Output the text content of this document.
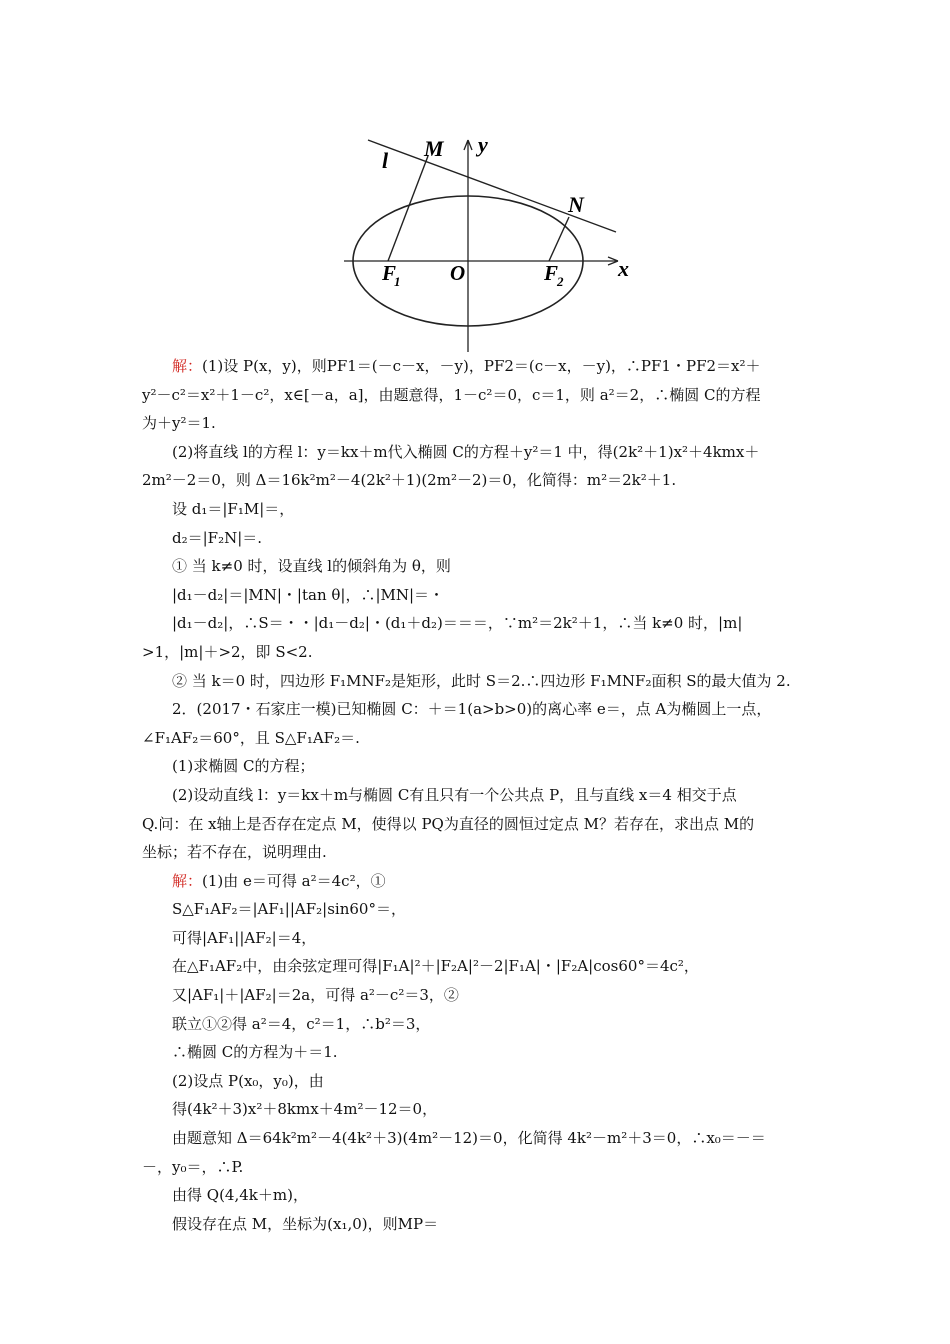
l M y
N
F
1 O	F
2
x
解：(1)设 P(x，y)，则PF1＝(－c－x，－y)，PF2＝(c－x，－y)，∴PF1・PF2＝x²＋
y²－c²＝x²＋1－c²，x∈[－a，a]，由题意得，1－c²＝0，c＝1，则 a²＝2，∴椭圆 C的方程
为＋y²＝1.
(2)将直线 l的方程 l：y＝kx＋m代入椭圆 C的方程＋y²＝1 中，得(2k²＋1)x²＋4kmx＋
2m²－2＝0，则 Δ＝16k²m²－4(2k²＋1)(2m²－2)＝0，化简得：m²＝2k²＋1.
设 d₁＝|F₁M|＝，
d₂＝|F₂N|＝.
① 当 k≠0 时，设直线 l的倾斜角为 θ，则
|d₁－d₂|＝|MN|・|tan θ|，∴|MN|＝・
|d₁－d₂|，∴S＝・・|d₁－d₂|・(d₁＋d₂)＝＝＝，∵m²＝2k²＋1，∴当 k≠0 时，|m|
>1，|m|＋>2，即 S<2.
② 当 k＝0 时，四边形 F₁MNF₂是矩形，此时 S＝2.∴四边形 F₁MNF₂面积 S的最大值为 2.
2．(2017・石家庄一模)已知椭圆 C：＋＝1(a>b>0)的离心率 e＝，点 A为椭圆上一点，
∠F₁AF₂＝60°，且 S△F₁AF₂＝.
(1)求椭圆 C的方程；
(2)设动直线 l：y＝kx＋m与椭圆 C有且只有一个公共点 P，且与直线 x＝4 相交于点
Q.问：在 x轴上是否存在定点 M，使得以 PQ为直径的圆恒过定点 M？若存在，求出点 M的
坐标；若不存在，说明理由.
解：(1)由 e＝可得 a²＝4c²，①
S△F₁AF₂＝|AF₁||AF₂|sin60°＝，
可得|AF₁||AF₂|＝4，
在△F₁AF₂中，由余弦定理可得|F₁A|²＋|F₂A|²－2|F₁A|・|F₂A|cos60°＝4c²，
又|AF₁|＋|AF₂|＝2a，可得 a²－c²＝3，②
联立①②得 a²＝4，c²＝1，∴b²＝3，
∴椭圆 C的方程为＋＝1.
(2)设点 P(x₀，y₀)，由
得(4k²＋3)x²＋8kmx＋4m²－12＝0，
由题意知 Δ＝64k²m²－4(4k²＋3)(4m²－12)＝0，化简得 4k²－m²＋3＝0，∴x₀＝－＝
－，y₀＝，∴P.
由得 Q(4,4k＋m)，
假设存在点 M，坐标为(x₁,0)，则MP＝
